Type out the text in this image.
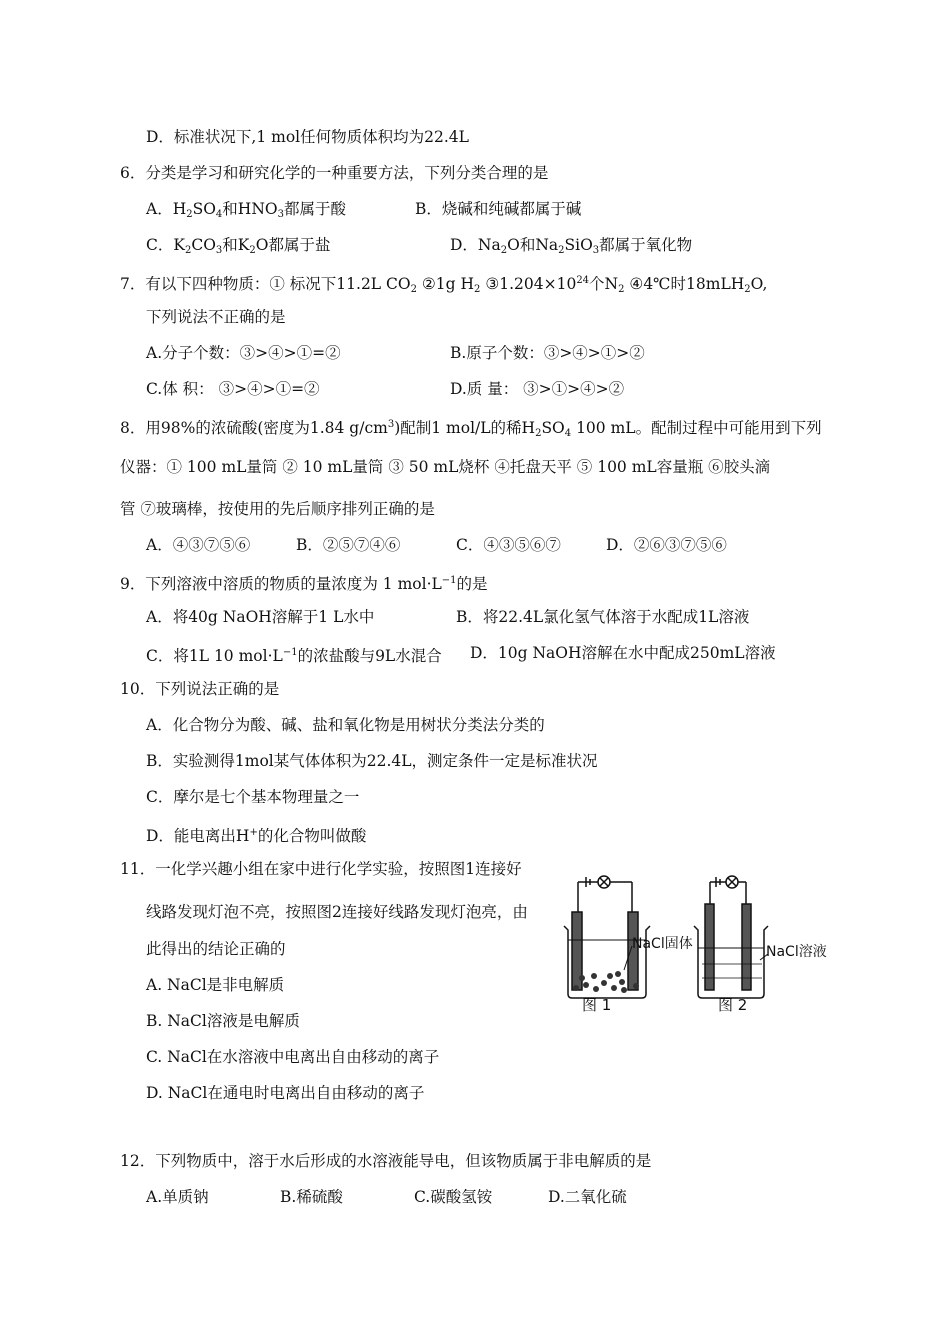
D．标准状况下,1 mol任何物质体积均为22.4L
6．分类是学习和研究化学的一种重要方法，下列分类合理的是
A．$H_2SO_4$和$HNO_3$都属于酸	B．烧碱和纯碱都属于碱
C．$K_2CO_3$和$K_2O$都属于盐	D．$Na_2O$和$Na_2SiO_3$都属于氧化物
7．有以下四种物质：① 标况下11.2L $CO_2$ ②1g $H_2$ $③1.204\times 10^{24}$个$N_2$ ④4℃时18mLH$_2$O,
下列说法不正确的是
A.分子个数：③>④>①=②	B.原子个数：③>④>①>②
C.体 积： ③>④>①=②	D.质 量： ③>①>④>②
8．用98%的浓硫酸(密度为1.84 $g/cm^3$)配制1 mol/L的稀$H_2SO_4$ 100 mL。配制过程中可能用到下列
仪器：① 100 mL量筒 ② 10 mL量筒 ③ 50 mL烧杯 ④托盘天平 ⑤ 100 mL容量瓶 ⑥胶头滴
管 ⑦玻璃棒，按使用的先后顺序排列正确的是
A．④③⑦⑤⑥	B．②⑤⑦④⑥	C．④③⑤⑥⑦	D．②⑥③⑦⑤⑥
9．下列溶液中溶质的物质的量浓度为 1 $mol\cdot L^{-1}$的是
A．将40g NaOH溶解于1 L水中	B．将22.4L氯化氢气体溶于水配成1L溶液
C．将1L 10 $mol\cdot L^{-1}$的浓盐酸与9L水混合 D．10g NaOH溶解在水中配成250mL溶液
10．下列说法正确的是
A．化合物分为酸、碱、盐和氧化物是用树状分类法分类的
B．实验测得1mol某气体体积为22.4L，测定条件一定是标准状况
C．摩尔是七个基本物理量之一
D．能电离出H+的化合物叫做酸
11．一化学兴趣小组在家中进行化学实验，按照图1连接好
线路发现灯泡不亮，按照图2连接好线路发现灯泡亮，由
此得出的结论正确的
A. NaCl是非电解质
B. NaCl溶液是电解质
C. NaCl在水溶液中电离出自由移动的离子
D. NaCl在通电时电离出自由移动的离子
NaCl固体
图 1
NaCl溶液
图 2
12．下列物质中，溶于水后形成的水溶液能导电，但该物质属于非电解质的是
A.单质钠	B.稀硫酸	C.碳酸氢铵	D.二氧化硫
